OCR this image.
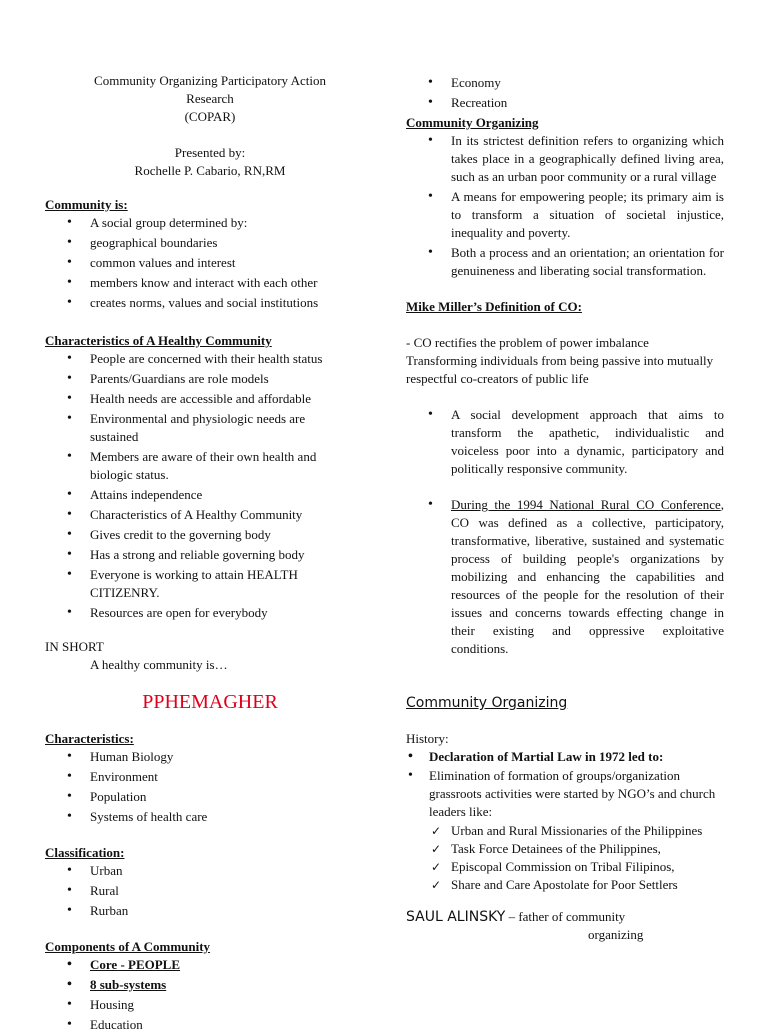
Community Organizing Participatory Action

Research

(COPAR)

Presented by:

Rochelle P. Cabario, RN,RM

Community is:

• A social group determined by:
• geographical boundaries
• common values and interest
• members know and interact with each other
• creates norms, values and social institutions

Characteristics of A Healthy Community

• People are concerned with their health status
• Parents/Guardians are role models
• Health needs are accessible and affordable
• Environmental and physiologic needs are sustained
• Members are aware of their own health and biologic status.
• Attains independence
• Characteristics of A Healthy Community
• Gives credit to the governing body
• Has a strong and reliable governing body
• Everyone is working to attain HEALTH CITIZENRY.
• Resources are open for everybody

IN SHORT

A healthy community is…

PPHEMAGHER

Characteristics:

• Human Biology
• Environment
• Population
• Systems of health care

Classification:

• Urban
• Rural
• Rurban

Components of A Community

• Core - PEOPLE
• 8 sub-systems
• Housing
• Education
• Economy
• Recreation

Community Organizing

• In its strictest definition refers to organizing which takes place in a geographically defined living area, such as an urban poor community or a rural village
• A means for empowering people; its primary aim is to transform a situation of societal injustice, inequality and poverty.
• Both a process and an orientation; an orientation for genuineness and liberating social transformation.

Mike Miller’s Definition of CO:

- CO rectifies the problem of power imbalance

Transforming individuals from being passive into mutually respectful co-creators of public life

• A social development approach that aims to transform the apathetic, individualistic and voiceless poor into a dynamic, participatory and politically responsive community.
• During the 1994 National Rural CO Conference, CO was defined as a collective, participatory, transformative, liberative, sustained and systematic process of building people's organizations by mobilizing and enhancing the capabilities and resources of the people for the resolution of their issues and concerns towards effecting change in their existing and oppressive exploitative conditions.

Community Organizing

History:

• Declaration of Martial Law in 1972 led to:
• Elimination of formation of groups/organization grassroots activities were started by NGO’s and church leaders like:
✓ Urban and Rural Missionaries of the Philippines
✓ Task Force Detainees of the Philippines,
✓ Episcopal Commission on Tribal Filipinos,
✓ Share and Care Apostolate for Poor Settlers

SAUL ALINSKY – father of community

organizing
